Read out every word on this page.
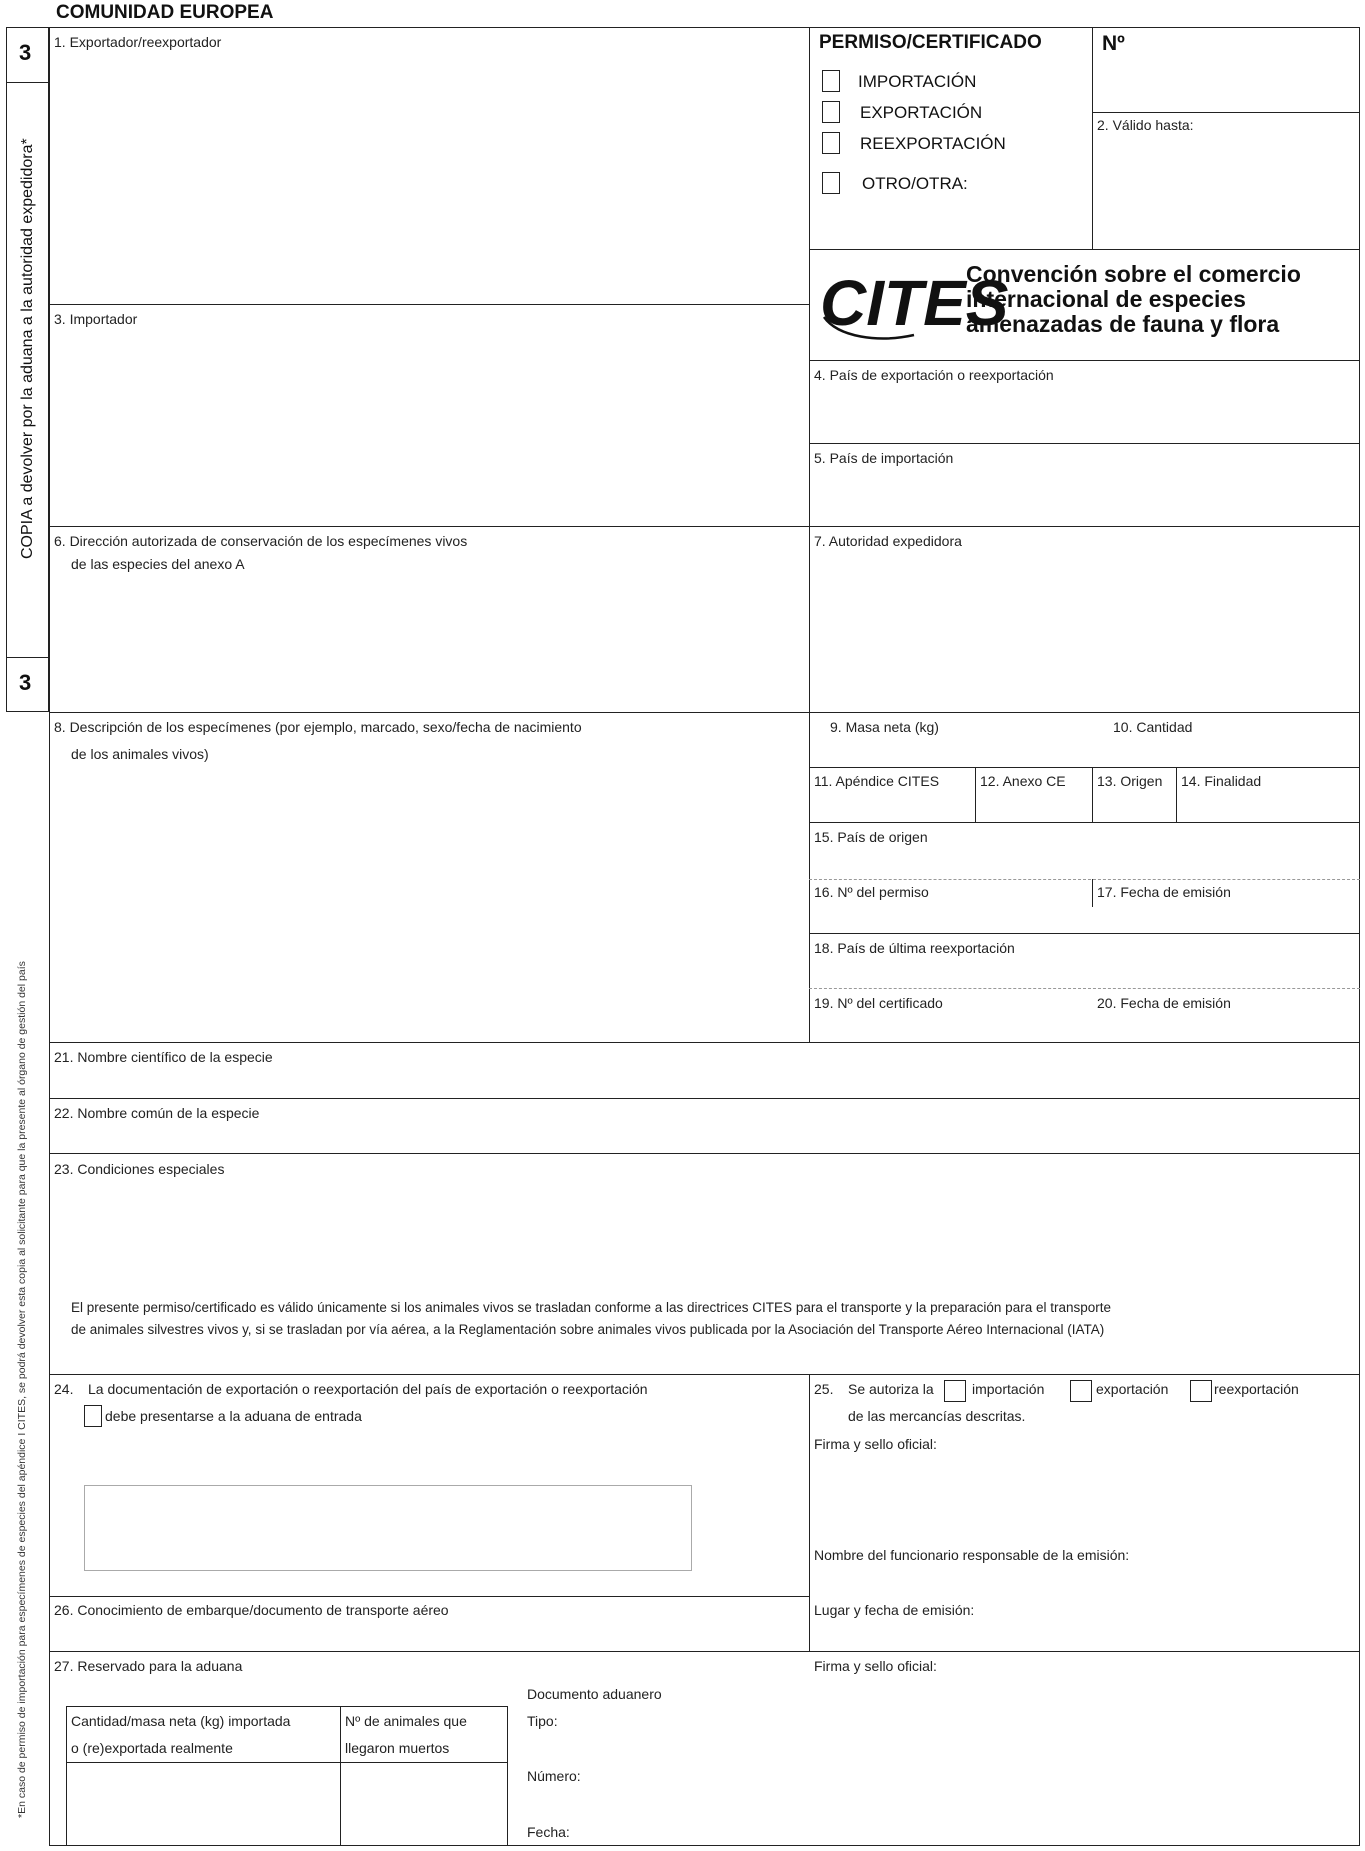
COMUNIDAD EUROPEA
3
COPIA a devolver por la aduana a la autoridad expedidora*
3
*En caso de permiso de importación para especímenes de especies del apéndice I CITES, se podrá devolver esta copia al solicitante para que la presente al órgano de gestión del país
1. Exportador/reexportador
3. Importador
6. Dirección autorizada de conservación de los especímenes vivos
de las especies del anexo A
PERMISO/CERTIFICADO	Nº
2. Válido hasta:
IMPORTACIÓN
EXPORTACIÓN
REEXPORTACIÓN
OTRO/OTRA:
CITES
Convención sobre el comercio
internacional de especies
amenazadas de fauna y flora
4. País de exportación o reexportación
5. País de importación
7. Autoridad expedidora
8. Descripción de los especímenes (por ejemplo, marcado, sexo/fecha de nacimiento
de los animales vivos)
9. Masa neta (kg)	10. Cantidad
11. Apéndice CITES	12. Anexo CE 13. Origen 14. Finalidad
15. País de origen
16. Nº del permiso	17. Fecha de emisión
18. País de última reexportación
19. Nº del certificado	20. Fecha de emisión
21. Nombre científico de la especie
22. Nombre común de la especie
23. Condiciones especiales
El presente permiso/certificado es válido únicamente si los animales vivos se trasladan conforme a las directrices CITES para el transporte y la preparación para el transporte
de animales silvestres vivos y, si se trasladan por vía aérea, a la Reglamentación sobre animales vivos publicada por la Asociación del Transporte Aéreo Internacional (IATA)
24. La documentación de exportación o reexportación del país de exportación o reexportación
debe presentarse a la aduana de entrada
25. Se autoriza la	importación	exportación	reexportación
de las mercancías descritas.
Firma y sello oficial:
Nombre del funcionario responsable de la emisión:
Lugar y fecha de emisión:
26. Conocimiento de embarque/documento de transporte aéreo
27. Reservado para la aduana	Firma y sello oficial:
Documento aduanero
Tipo:
Número:
Fecha:
Cantidad/masa neta (kg) importada
o (re)exportada realmente
Nº de animales que
llegaron muertos
